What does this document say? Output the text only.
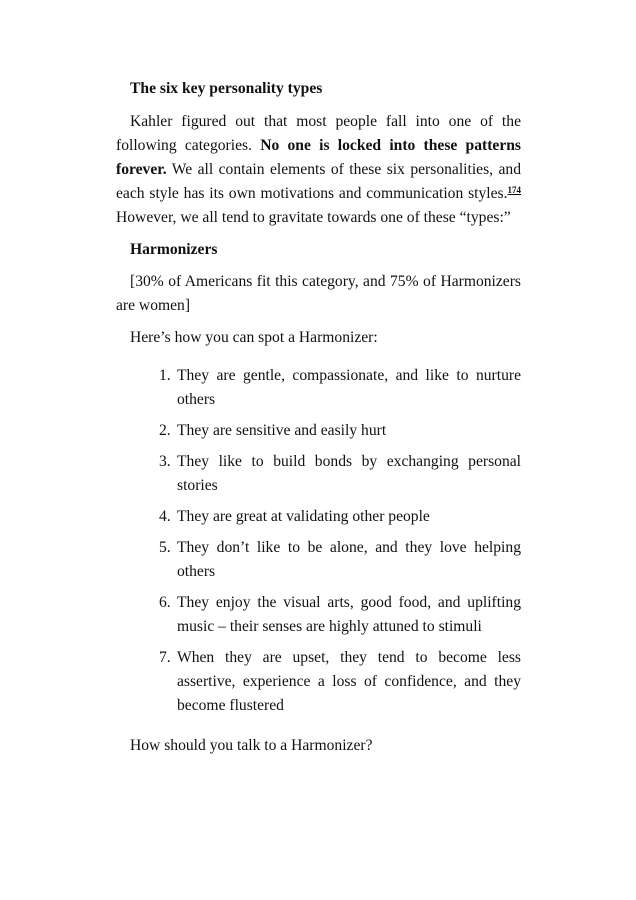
The six key personality types

Kahler figured out that most people fall into one of the following categories. No one is locked into these patterns forever. We all contain elements of these six personalities, and each style has its own motivations and communication styles.$^{174}$ However, we all tend to gravitate towards one of these “types:”

Harmonizers

[30% of Americans fit this category, and 75% of Harmonizers are women]

Here’s how you can spot a Harmonizer:

1. They are gentle, compassionate, and like to nurture others
2. They are sensitive and easily hurt
3. They like to build bonds by exchanging personal stories
4. They are great at validating other people
5. They don’t like to be alone, and they love helping others
6. They enjoy the visual arts, good food, and uplifting music – their senses are highly attuned to stimuli
7. When they are upset, they tend to become less assertive, experience a loss of confidence, and they become flustered

How should you talk to a Harmonizer?
